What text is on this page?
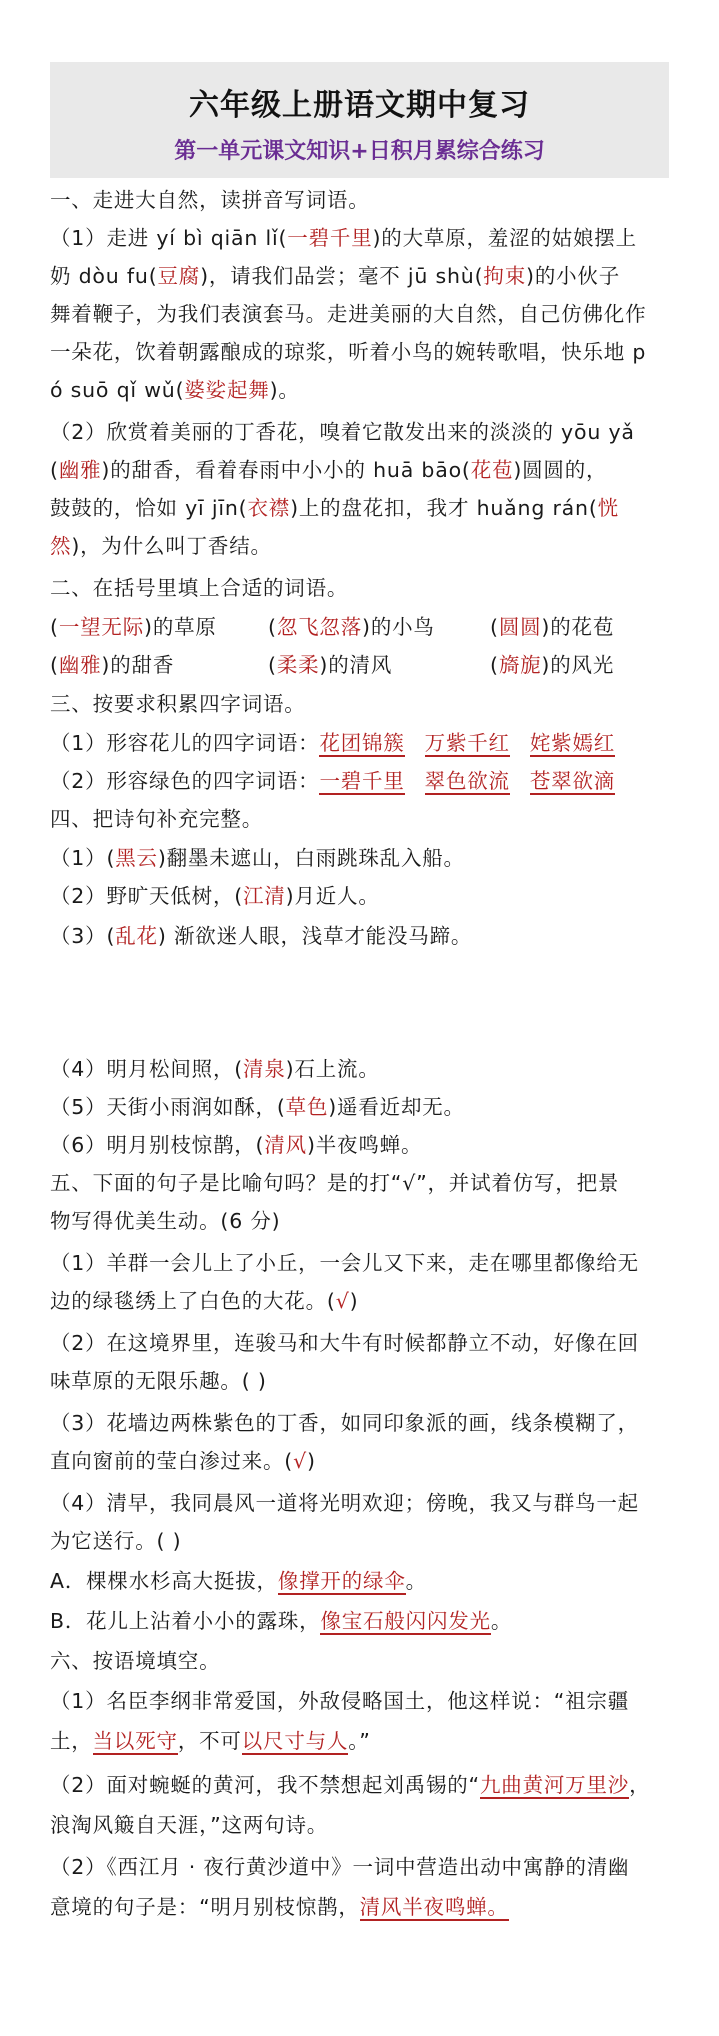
六年级上册语文期中复习
第一单元课文知识+日积月累综合练习
一、走进大自然，读拼音写词语。
（1）走进 yí bì qiān lǐ(一碧千里)的大草原，羞涩的姑娘摆上
奶 dòu fu(豆腐)，请我们品尝；毫不 jū shù(拘束)的小伙子
舞着鞭子，为我们表演套马。走进美丽的大自然，自己仿佛化作
一朵花，饮着朝露酿成的琼浆，听着小鸟的婉转歌唱，快乐地 p
ó suō qǐ wǔ(婆娑起舞)。
（2）欣赏着美丽的丁香花，嗅着它散发出来的淡淡的 yōu yǎ
(幽雅)的甜香，看着春雨中小小的 huā bāo(花苞)圆圆的，
鼓鼓的，恰如 yī jīn(衣襟)上的盘花扣，我才 huǎng rán(恍
然)，为什么叫丁香结。
二、在括号里填上合适的词语。
(一望无际)的草原	(忽飞忽落)的小鸟	(圆圆)的花苞
(幽雅)的甜香	(柔柔)的清风	(旖旎)的风光
三、按要求积累四字词语。
（1）形容花儿的四字词语：花团锦簇 万紫千红 姹紫嫣红
（2）形容绿色的四字词语：一碧千里 翠色欲流 苍翠欲滴
四、把诗句补充完整。
（1）(黑云)翻墨未遮山，白雨跳珠乱入船。
（2）野旷天低树，(江清)月近人。
（3）(乱花) 渐欲迷人眼，浅草才能没马蹄。
（4）明月松间照，(清泉)石上流。
（5）天街小雨润如酥，(草色)遥看近却无。
（6）明月别枝惊鹊，(清风)半夜鸣蝉。
五、下面的句子是比喻句吗？是的打“√”，并试着仿写，把景
物写得优美生动。(6 分)
（1）羊群一会儿上了小丘，一会儿又下来，走在哪里都像给无
边的绿毯绣上了白色的大花。(√)
（2）在这境界里，连骏马和大牛有时候都静立不动，好像在回
味草原的无限乐趣。( )
（3）花墙边两株紫色的丁香，如同印象派的画，线条模糊了，
直向窗前的莹白渗过来。(√)
（4）清早，我同晨风一道将光明欢迎；傍晚，我又与群鸟一起
为它送行。( )
A．棵棵水杉高大挺拔，像撑开的绿伞。
B．花儿上沾着小小的露珠，像宝石般闪闪发光。
六、按语境填空。
（1）名臣李纲非常爱国，外敌侵略国土，他这样说：“祖宗疆
土，当以死守，不可以尺寸与人。”
（2）面对蜿蜒的黄河，我不禁想起刘禹锡的“九曲黄河万里沙，
浪淘风簸自天涯，”这两句诗。
（2）《西江月 · 夜行黄沙道中》一词中营造出动中寓静的清幽
意境的句子是：“明月别枝惊鹊，清风半夜鸣蝉。
